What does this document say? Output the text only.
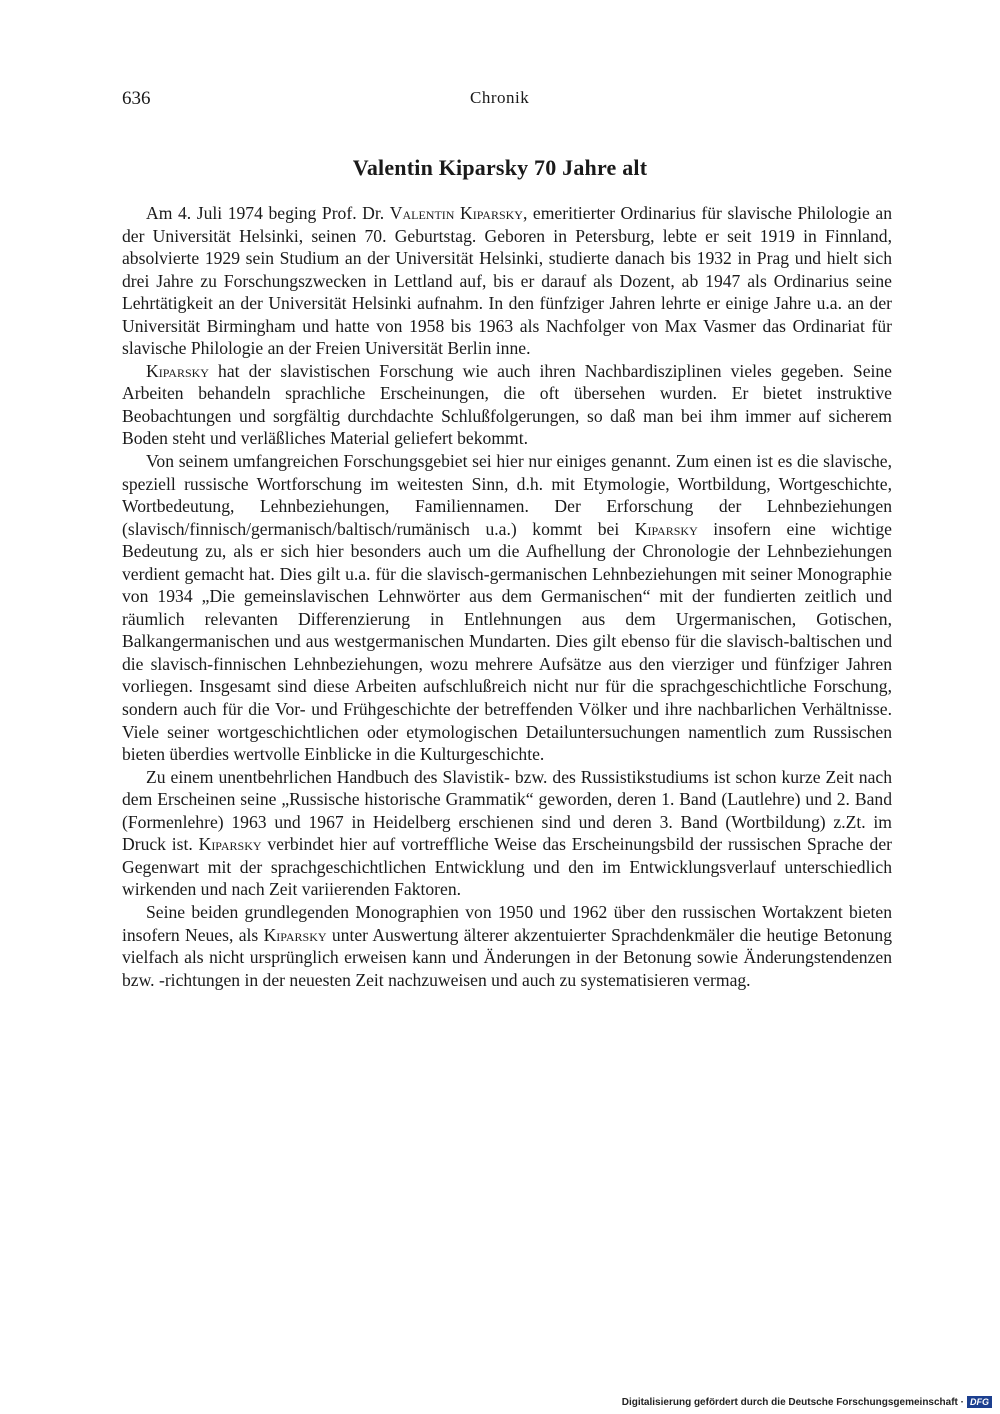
636	Chronik
Valentin Kiparsky 70 Jahre alt

Am 4. Juli 1974 beging Prof. Dr. Valentin Kiparsky, emeritierter Ordinarius für slavische Philologie an der Universität Helsinki, seinen 70. Geburtstag. Geboren in Petersburg, lebte er seit 1919 in Finnland, absolvierte 1929 sein Studium an der Universität Helsinki, studierte danach bis 1932 in Prag und hielt sich drei Jahre zu Forschungszwecken in Lettland auf, bis er darauf als Dozent, ab 1947 als Ordinarius seine Lehrtätigkeit an der Universität Helsinki aufnahm. In den fünfziger Jahren lehrte er einige Jahre u.a. an der Universität Birmingham und hatte von 1958 bis 1963 als Nachfolger von Max Vasmer das Ordinariat für slavische Philologie an der Freien Universität Berlin inne.

Kiparsky hat der slavistischen Forschung wie auch ihren Nachbardisziplinen vieles gegeben. Seine Arbeiten behandeln sprachliche Erscheinungen, die oft übersehen wurden. Er bietet instruktive Beobachtungen und sorgfältig durchdachte Schlußfolgerungen, so daß man bei ihm immer auf sicherem Boden steht und verläßliches Material geliefert bekommt.

Von seinem umfangreichen Forschungsgebiet sei hier nur einiges genannt. Zum einen ist es die slavische, speziell russische Wortforschung im weitesten Sinn, d.h. mit Etymologie, Wortbildung, Wortgeschichte, Wortbedeutung, Lehnbeziehungen, Familiennamen. Der Erforschung der Lehnbeziehungen (slavisch/finnisch/germanisch/baltisch/rumänisch u.a.) kommt bei Kiparsky insofern eine wichtige Bedeutung zu, als er sich hier besonders auch um die Aufhellung der Chronologie der Lehnbeziehungen verdient gemacht hat. Dies gilt u.a. für die slavisch-germanischen Lehnbeziehungen mit seiner Monographie von 1934 „Die gemeinslavischen Lehnwörter aus dem Germanischen“ mit der fundierten zeitlich und räumlich relevanten Differenzierung in Entlehnungen aus dem Urgermanischen, Gotischen, Balkangermanischen und aus westgermanischen Mundarten. Dies gilt ebenso für die slavisch-baltischen und die slavisch-finnischen Lehnbeziehungen, wozu mehrere Aufsätze aus den vierziger und fünfziger Jahren vorliegen. Insgesamt sind diese Arbeiten aufschlußreich nicht nur für die sprachgeschichtliche Forschung, sondern auch für die Vor- und Frühgeschichte der betreffenden Völker und ihre nachbarlichen Verhältnisse. Viele seiner wortgeschichtlichen oder etymologischen Detailuntersuchungen namentlich zum Russischen bieten überdies wertvolle Einblicke in die Kulturgeschichte.

Zu einem unentbehrlichen Handbuch des Slavistik- bzw. des Russistikstudiums ist schon kurze Zeit nach dem Erscheinen seine „Russische historische Grammatik“ geworden, deren 1. Band (Lautlehre) und 2. Band (Formenlehre) 1963 und 1967 in Heidelberg erschienen sind und deren 3. Band (Wortbildung) z.Zt. im Druck ist. Kiparsky verbindet hier auf vortreffliche Weise das Erscheinungsbild der russischen Sprache der Gegenwart mit der sprachgeschichtlichen Entwicklung und den im Entwicklungsverlauf unterschiedlich wirkenden und nach Zeit variierenden Faktoren.

Seine beiden grundlegenden Monographien von 1950 und 1962 über den russischen Wortakzent bieten insofern Neues, als Kiparsky unter Auswertung älterer akzentuierter Sprachdenkmäler die heutige Betonung vielfach als nicht ursprünglich erweisen kann und Änderungen in der Betonung sowie Änderungstendenzen bzw. -richtungen in der neuesten Zeit nachzuweisen und auch zu systematisieren vermag.

Digitalisierung gefördert durch die Deutsche Forschungsgemeinschaft · DFG
